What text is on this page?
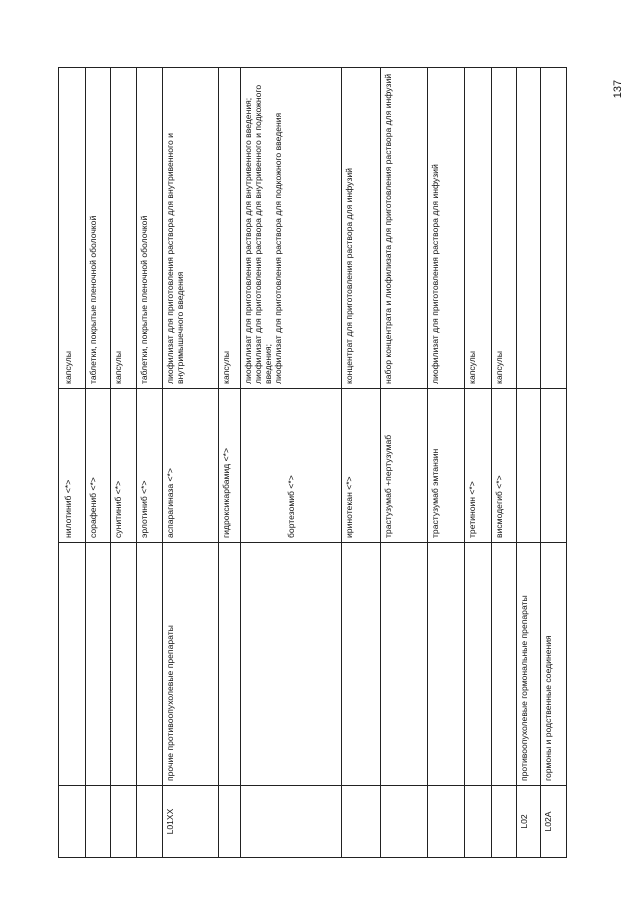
137
		нилотиниб <*>	капсулы
		сорафениб <*>	таблетки, покрытые пленочной оболочкой
		сунитиниб <*>	капсулы
		эрлотиниб <*>	таблетки, покрытые пленочной оболочкой
L01XX	прочие противоопухолевые препараты	аспарагиназа <*>	лиофилизат для приготовления раствора для внутривенного и внутримышечного введения
		гидроксикарбамид <*>	капсулы
		бортезомиб <*>	лиофилизат для приготовления раствора для внутривенного введения;
лиофилизат для приготовления раствора для внутривенного и подкожного введения;
лиофилизат для приготовления раствора для подкожного введения
		иринотекан <*>	концентрат для приготовления раствора для инфузий
		трастузумаб +пертузумаб	набор концентрата и лиофилизата для приготовления раствора для инфузий
		трастузумаб эмтанзин	лиофилизат для приготовления раствора для инфузий
		третиноин <*>	капсулы
		висмодегиб <*>	капсулы
L02	противоопухолевые гормональные препараты		
L02A	гормоны и родственные соединения		
